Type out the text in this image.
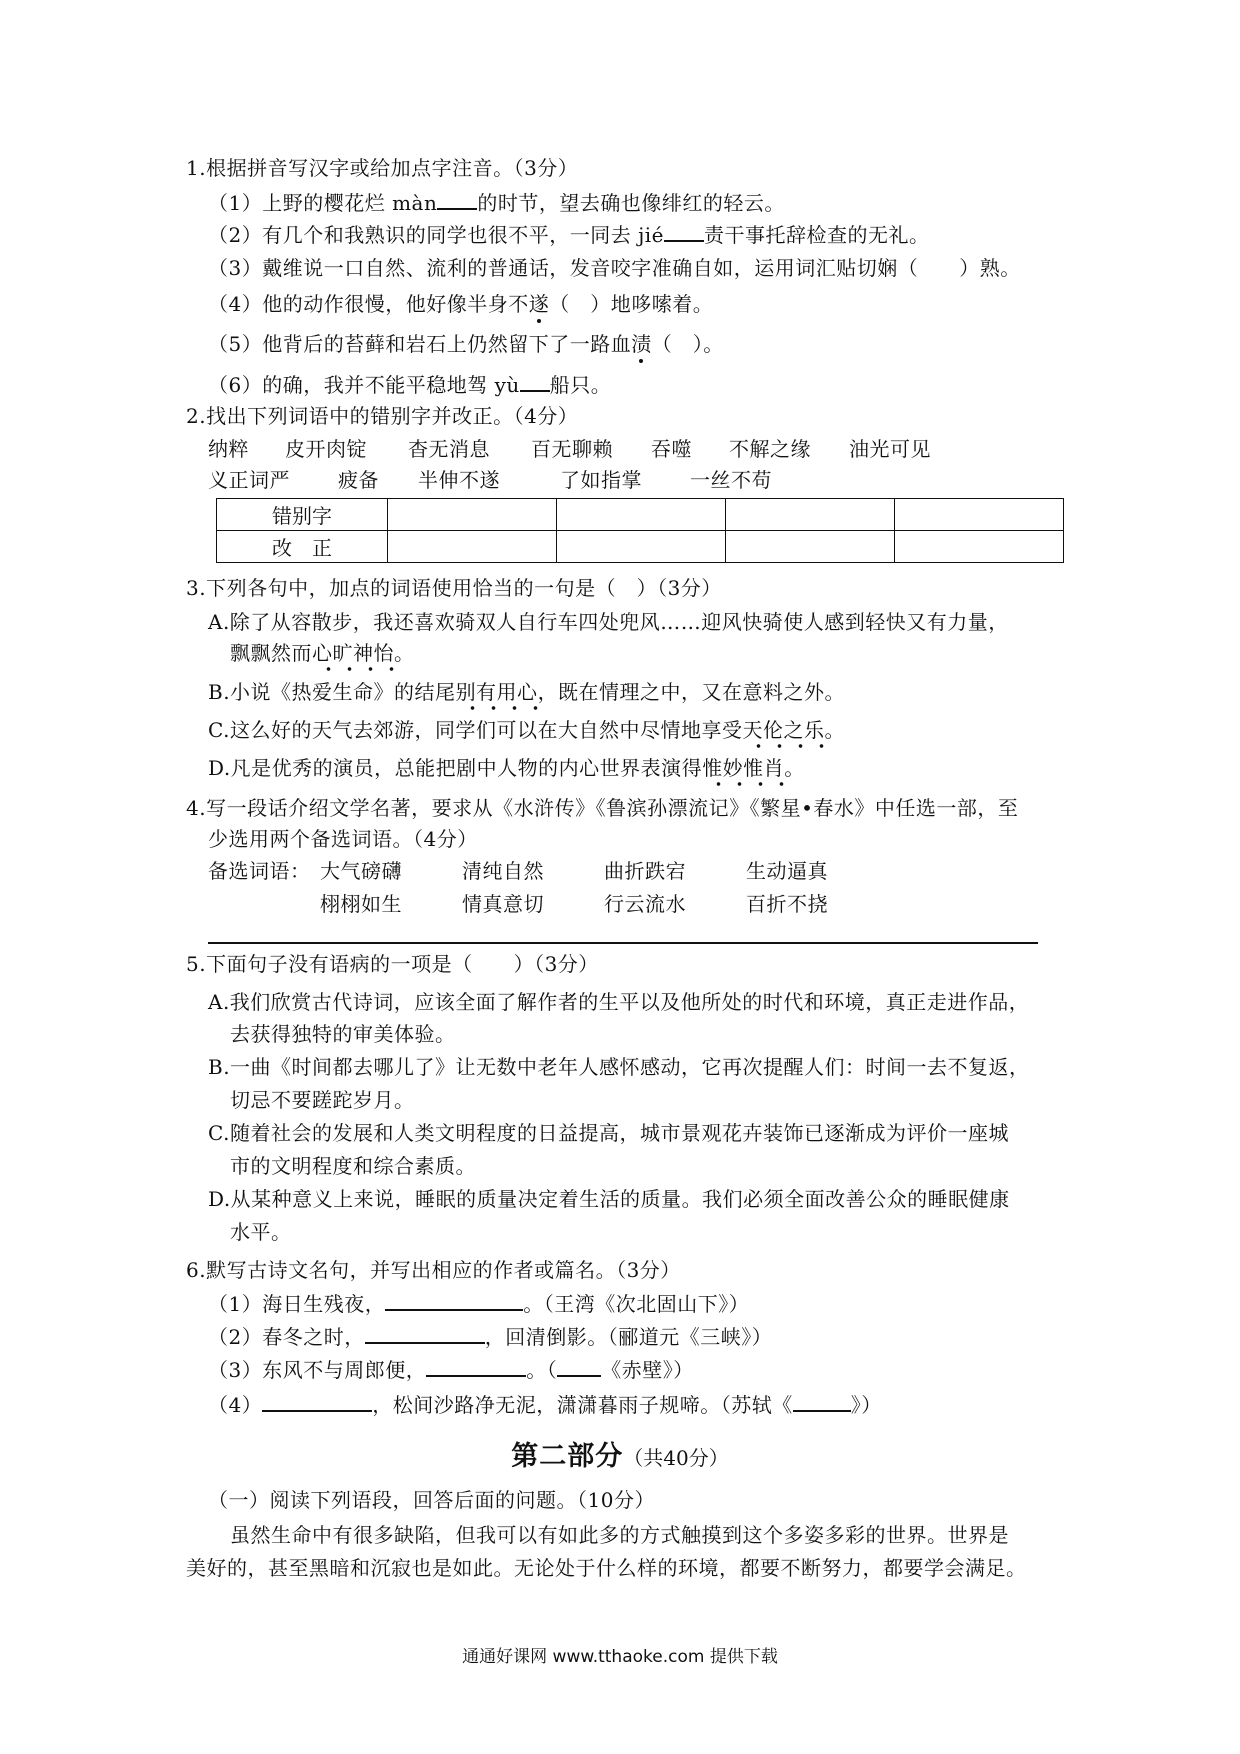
1.根据拼音写汉字或给加点字注音。（3分）
（1）上野的樱花烂 màn 的时节，望去确也像绯红的轻云。
（2）有几个和我熟识的同学也很不平，一同去 jié 责干事托辞检查的无礼。
（3）戴维说一口自然、流利的普通话，发音咬字准确自如，运用词汇贴切娴（　　）熟。
（4）他的动作很慢，他好像半身不遂（　）地哆嗦着。
（5）他背后的苔藓和岩石上仍然留下了一路血渍（　）。
（6）的确，我并不能平稳地驾 yù 船只。
2.找出下列词语中的错别字并改正。（4分）
纳粹 皮开肉锭 杳无消息 百无聊赖 吞噬 不解之缘 油光可见
义正词严 疲备 半伸不遂	了如指掌 一丝不苟
错别字				
改　正				
3.下列各句中，加点的词语使用恰当的一句是（　）（3分）
A.除了从容散步，我还喜欢骑双人自行车四处兜风……迎风快骑使人感到轻快又有力量，
飘飘然而心旷神怡。
B.小说《热爱生命》的结尾别有用心，既在情理之中，又在意料之外。
C.这么好的天气去郊游，同学们可以在大自然中尽情地享受天伦之乐。
D.凡是优秀的演员，总能把剧中人物的内心世界表演得惟妙惟肖。
4.写一段话介绍文学名著，要求从《水浒传》《鲁滨孙漂流记》《繁星•春水》中任选一部，至
少选用两个备选词语。（4分）
备选词语： 大气磅礴	清纯自然	曲折跌宕	生动逼真
栩栩如生	情真意切	行云流水	百折不挠
5.下面句子没有语病的一项是（　　）（3分）
A.我们欣赏古代诗词，应该全面了解作者的生平以及他所处的时代和环境，真正走进作品，
去获得独特的审美体验。
B.一曲《时间都去哪儿了》让无数中老年人感怀感动，它再次提醒人们：时间一去不复返，
切忌不要蹉跎岁月。
C.随着社会的发展和人类文明程度的日益提高，城市景观花卉装饰已逐渐成为评价一座城
市的文明程度和综合素质。
D.从某种意义上来说，睡眠的质量决定着生活的质量。我们必须全面改善公众的睡眠健康
水平。
6.默写古诗文名句，并写出相应的作者或篇名。（3分）
（1）海日生残夜，	。（王湾《次北固山下》）
（2）春冬之时，	，回清倒影。（郦道元《三峡》）
（3）东风不与周郎便，	。（ 《赤壁》）
（4）	，松间沙路净无泥，潇潇暮雨子规啼。（苏轼《	》）
第二部分（共40分）
（一）阅读下列语段，回答后面的问题。（10分）
虽然生命中有很多缺陷，但我可以有如此多的方式触摸到这个多姿多彩的世界。世界是
美好的，甚至黑暗和沉寂也是如此。无论处于什么样的环境，都要不断努力，都要学会满足。
通通好课网 www.tthaoke.com 提供下载
